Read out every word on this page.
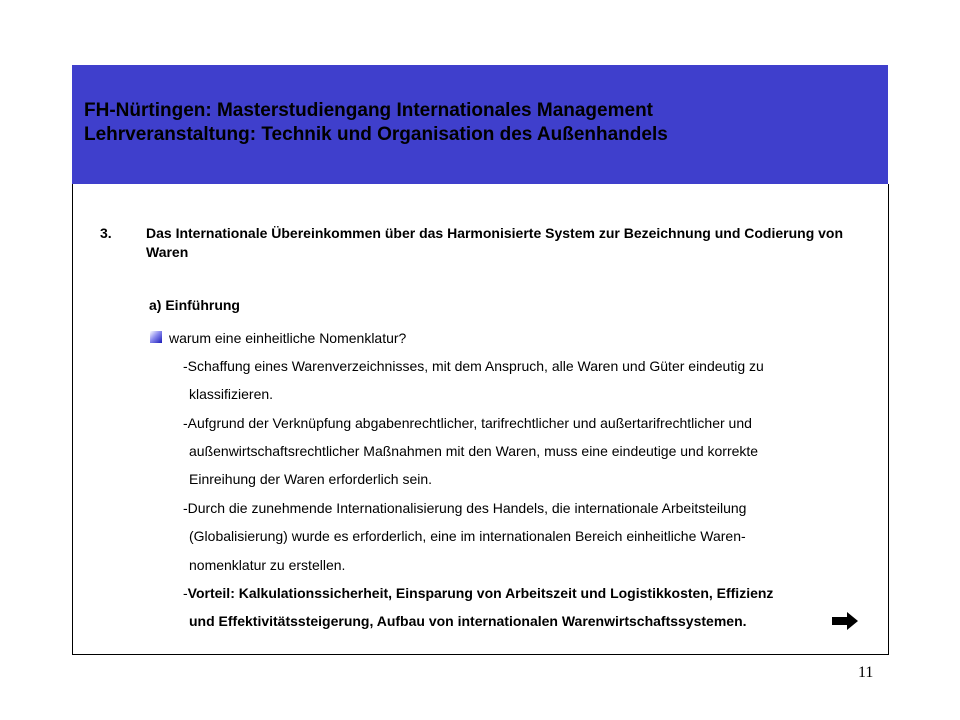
FH-Nürtingen: Masterstudiengang Internationales Management
Lehrveranstaltung: Technik und Organisation des Außenhandels
3. Das Internationale Übereinkommen über das Harmonisierte System zur Bezeichnung und Codierung von Waren
a) Einführung
warum eine einheitliche Nomenklatur?
-Schaffung eines Warenverzeichnisses, mit dem Anspruch, alle Waren und Güter eindeutig zu
klassifizieren.
-Aufgrund der Verknüpfung abgabenrechtlicher, tarifrechtlicher und außertarifrechtlicher und
außenwirtschaftsrechtlicher Maßnahmen mit den Waren, muss eine eindeutige und korrekte
Einreihung der Waren erforderlich sein.
-Durch die zunehmende Internationalisierung des Handels, die internationale Arbeitsteilung
(Globalisierung) wurde es erforderlich, eine im internationalen Bereich einheitliche Waren-
nomenklatur zu erstellen.
-Vorteil: Kalkulationssicherheit, Einsparung von Arbeitszeit und Logistikkosten, Effizienz
und Effektivitätssteigerung, Aufbau von internationalen Warenwirtschaftssystemen.
11
